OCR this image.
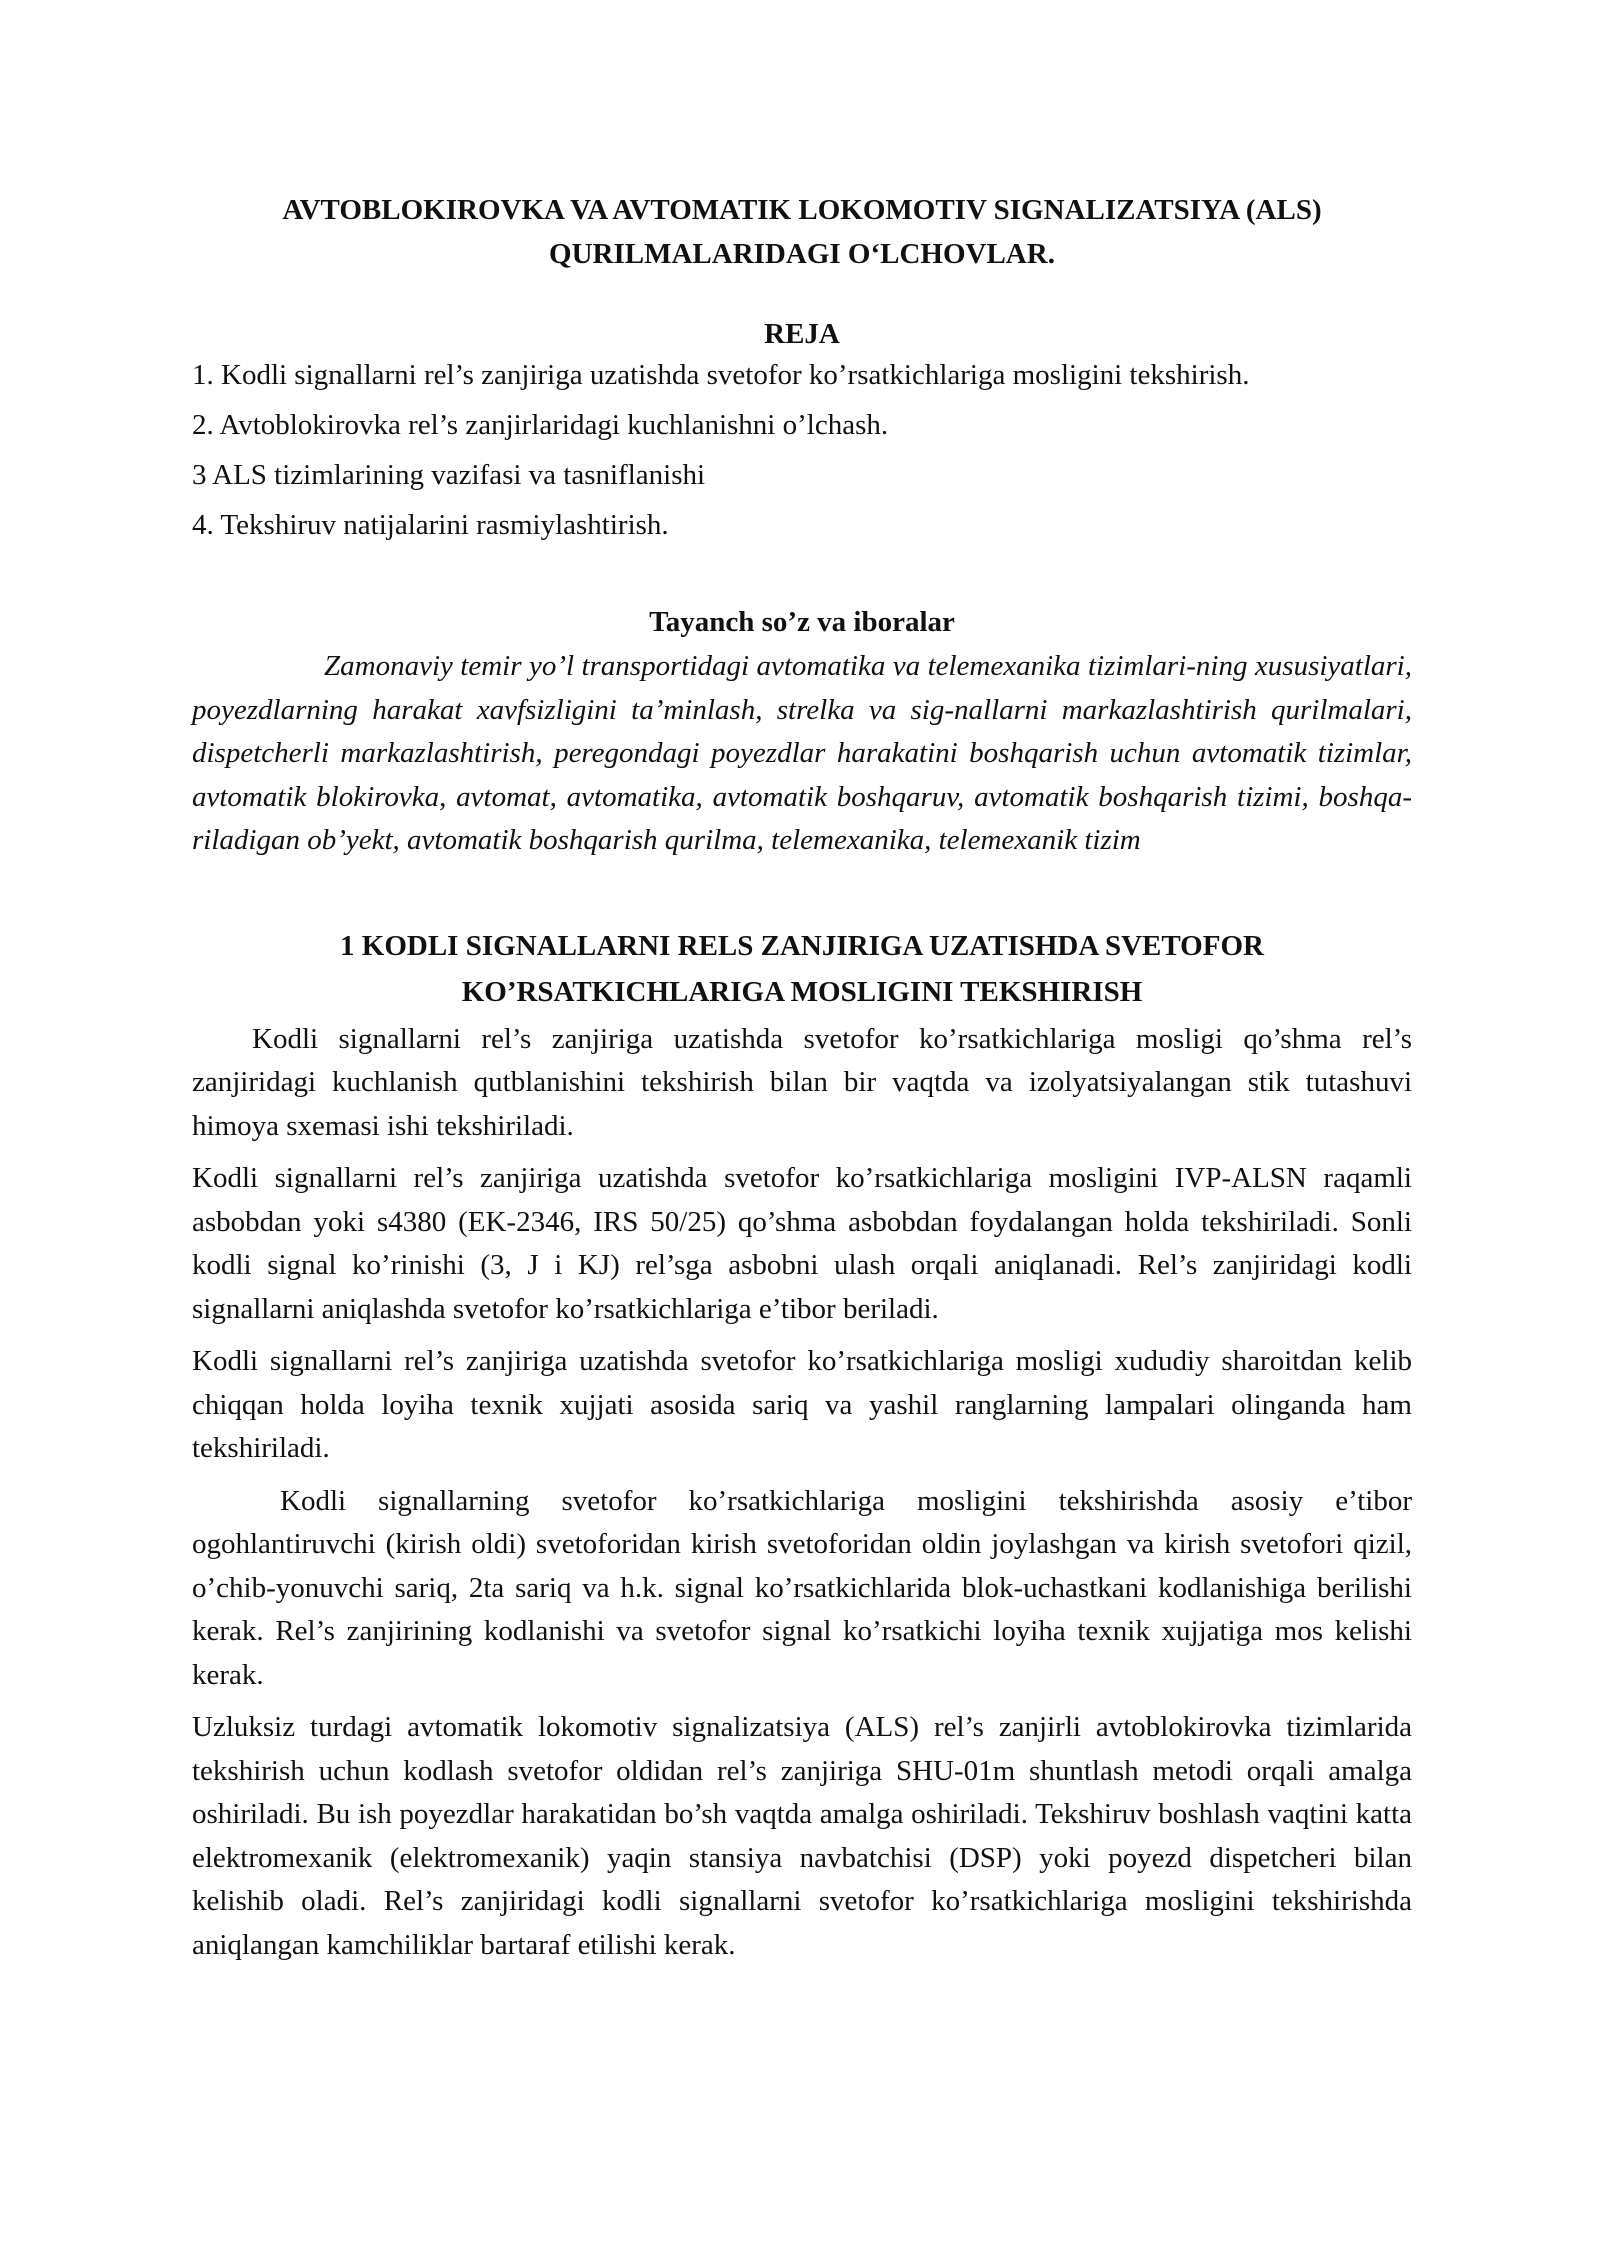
AVTOBLOKIROVKA VA AVTOMATIK LOKOMOTIV SIGNALIZATSIYA (ALS)
QURILMALARIDAGI O‘LCHOVLAR.
REJA
1. Kodli signallarni rel’s zanjiriga uzatishda svetofor ko’rsatkichlariga mosligini tekshirish.
2. Avtoblokirovka rel’s zanjirlaridagi kuchlanishni o’lchash.
3 ALS tizimlarining vazifasi va tasniflanishi
4. Tekshiruv natijalarini rasmiylashtirish.
Tayanch so’z va iboralar

Zamonaviy temir yo’l transportidagi avtomatika va telemexanika tizimlari-ning xususiyatlari, poyezdlarning harakat xavfsizligini ta’minlash, strelka va sig-nallarni markazlashtirish qurilmalari, dispetcherli markazlashtirish, peregondagi poyezdlar harakatini boshqarish uchun avtomatik tizimlar, avtomatik blokirovka, avtomat, avtomatika, avtomatik boshqaruv, avtomatik boshqarish tizimi, boshqa-riladigan ob’yekt, avtomatik boshqarish qurilma, telemexanika, telemexanik tizim

1 KODLI SIGNALLARNI RELS ZANJIRIGA UZATISHDA SVETOFOR
KO’RSATKICHLARIGA MOSLIGINI TEKSHIRISH

Kodli signallarni rel’s zanjiriga uzatishda svetofor ko’rsatkichlariga mosligi qo’shma rel’s zanjiridagi kuchlanish qutblanishini tekshirish bilan bir vaqtda va izolyatsiyalangan stik tutashuvi himoya sxemasi ishi tekshiriladi.

Kodli signallarni rel’s zanjiriga uzatishda svetofor ko’rsatkichlariga mosligini IVP-ALSN raqamli asbobdan yoki s4380 (EK-2346, IRS 50/25) qo’shma asbobdan foydalangan holda tekshiriladi. Sonli kodli signal ko’rinishi (3, J i KJ) rel’sga asbobni ulash orqali aniqlanadi. Rel’s zanjiridagi kodli signallarni aniqlashda svetofor ko’rsatkichlariga e’tibor beriladi.

Kodli signallarni rel’s zanjiriga uzatishda svetofor ko’rsatkichlariga mosligi xududiy sharoitdan kelib chiqqan holda loyiha texnik xujjati asosida sariq va yashil ranglarning lampalari olinganda ham tekshiriladi.

Kodli signallarning svetofor ko’rsatkichlariga mosligini tekshirishda asosiy e’tibor ogohlantiruvchi (kirish oldi) svetoforidan kirish svetoforidan oldin joylashgan va kirish svetofori qizil, o’chib-yonuvchi sariq, 2ta sariq va h.k. signal ko’rsatkichlarida blok-uchastkani kodlanishiga berilishi kerak. Rel’s zanjirining kodlanishi va svetofor signal ko’rsatkichi loyiha texnik xujjatiga mos kelishi kerak.

Uzluksiz turdagi avtomatik lokomotiv signalizatsiya (ALS) rel’s zanjirli avtoblokirovka tizimlarida tekshirish uchun kodlash svetofor oldidan rel’s zanjiriga SHU-01m shuntlash metodi orqali amalga oshiriladi. Bu ish poyezdlar harakatidan bo’sh vaqtda amalga oshiriladi. Tekshiruv boshlash vaqtini katta elektromexanik (elektromexanik) yaqin stansiya navbatchisi (DSP) yoki poyezd dispetcheri bilan kelishib oladi. Rel’s zanjiridagi kodli signallarni svetofor ko’rsatkichlariga mosligini tekshirishda aniqlangan kamchiliklar bartaraf etilishi kerak.
